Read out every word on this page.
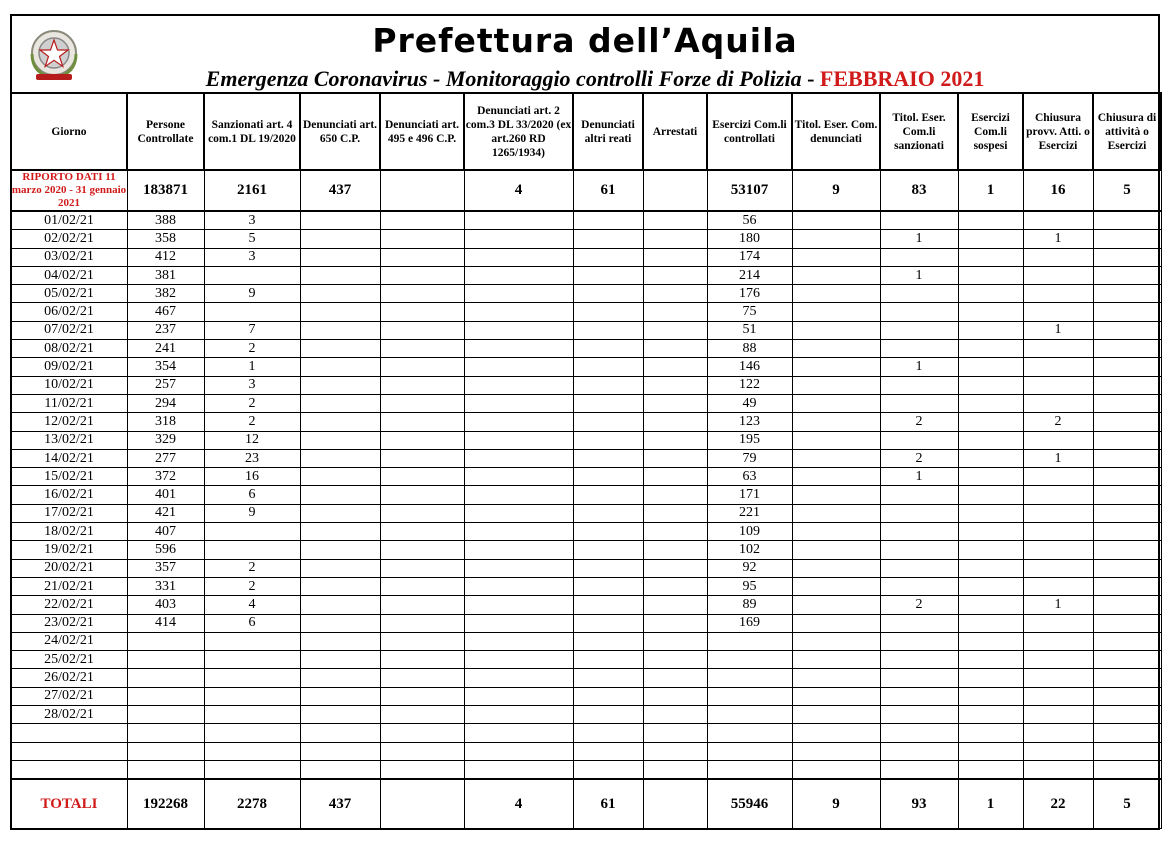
Prefettura dell’Aquila
Emergenza Coronavirus - Monitoraggio controlli Forze di Polizia - FEBBRAIO 2021
Giorno	Persone Controllate	Sanzionati art. 4 com.1 DL 19/2020	Denunciati art. 650 C.P.	Denunciati art. 495 e 496 C.P.	Denunciati art. 2 com.3 DL 33/2020 (ex art.260 RD 1265/1934)	Denunciati altri reati	Arrestati	Esercizi Com.li controllati	Titol. Eser. Com. denunciati	Titol. Eser. Com.li sanzionati	Esercizi Com.li sospesi	Chiusura provv. Atti. o Esercizi	Chiusura di attività o Esercizi
RIPORTO DATI 11 marzo 2020 - 31 gennaio 2021	183871	2161	437		4	61		53107	9	83	1	16	5
01/02/21	388	3						56					
02/02/21	358	5						180		1		1	
03/02/21	412	3						174					
04/02/21	381							214		1			
05/02/21	382	9						176					
06/02/21	467							75					
07/02/21	237	7						51				1	
08/02/21	241	2						88					
09/02/21	354	1						146		1			
10/02/21	257	3						122					
11/02/21	294	2						49					
12/02/21	318	2						123		2		2	
13/02/21	329	12						195					
14/02/21	277	23						79		2		1	
15/02/21	372	16						63		1			
16/02/21	401	6						171					
17/02/21	421	9						221					
18/02/21	407							109					
19/02/21	596							102					
20/02/21	357	2						92					
21/02/21	331	2						95					
22/02/21	403	4						89		2		1	
23/02/21	414	6						169					
24/02/21													
25/02/21													
26/02/21													
27/02/21													
28/02/21													

TOTALI	192268	2278	437		4	61		55946	9	93	1	22	5
